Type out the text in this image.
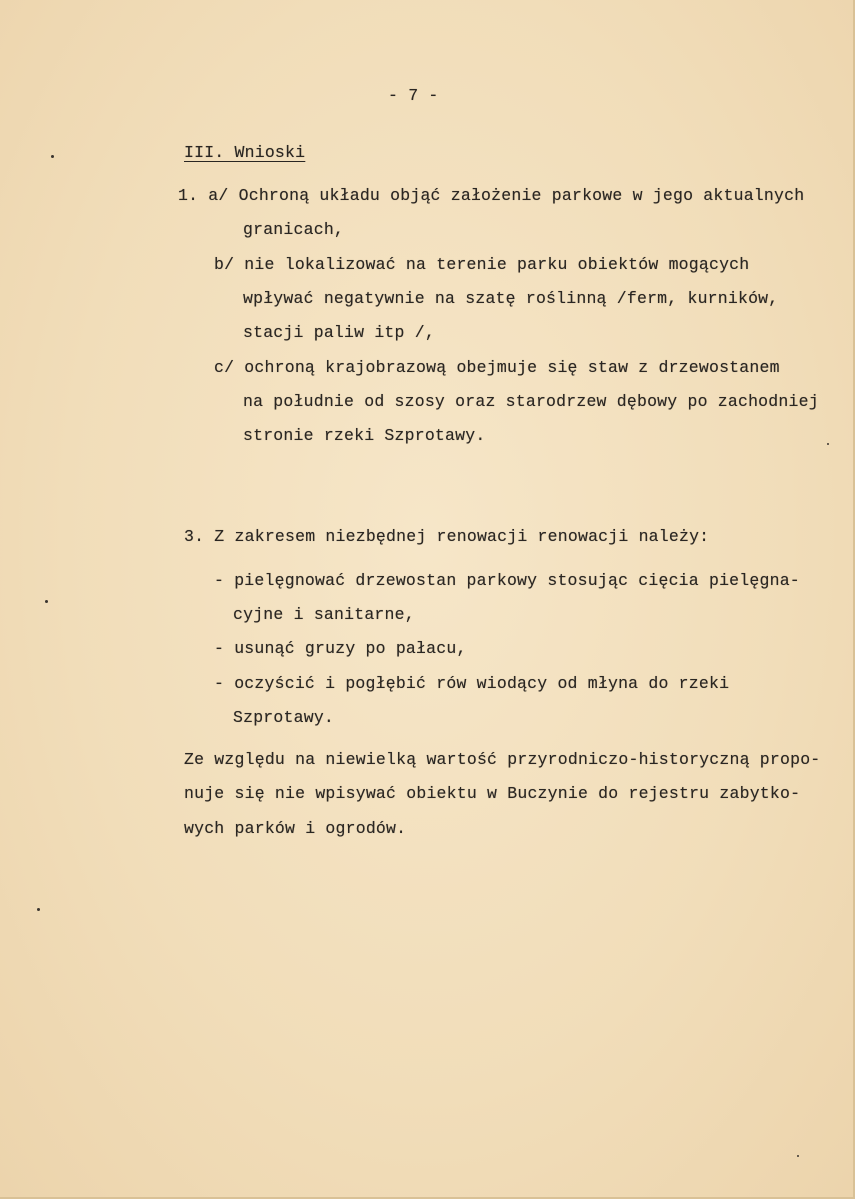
- 7 -
III. Wnioski
1. a/ Ochroną układu objąć założenie parkowe w jego aktualnych
granicach,
b/ nie lokalizować na terenie parku obiektów mogących
wpływać negatywnie na szatę roślinną /ferm, kurników,
stacji paliw itp /,
c/ ochroną krajobrazową obejmuje się staw z drzewostanem
na południe od szosy oraz starodrzew dębowy po zachodniej
stronie rzeki Szprotawy.
3. Z zakresem niezbędnej renowacji renowacji należy:
- pielęgnować drzewostan parkowy stosując cięcia pielęgna-
cyjne i sanitarne,
- usunąć gruzy po pałacu,
- oczyścić i pogłębić rów wiodący od młyna do rzeki
Szprotawy.
Ze względu na niewielką wartość przyrodniczo-historyczną propo-
nuje się nie wpisywać obiektu w Buczynie do rejestru zabytko-
wych parków i ogrodów.
